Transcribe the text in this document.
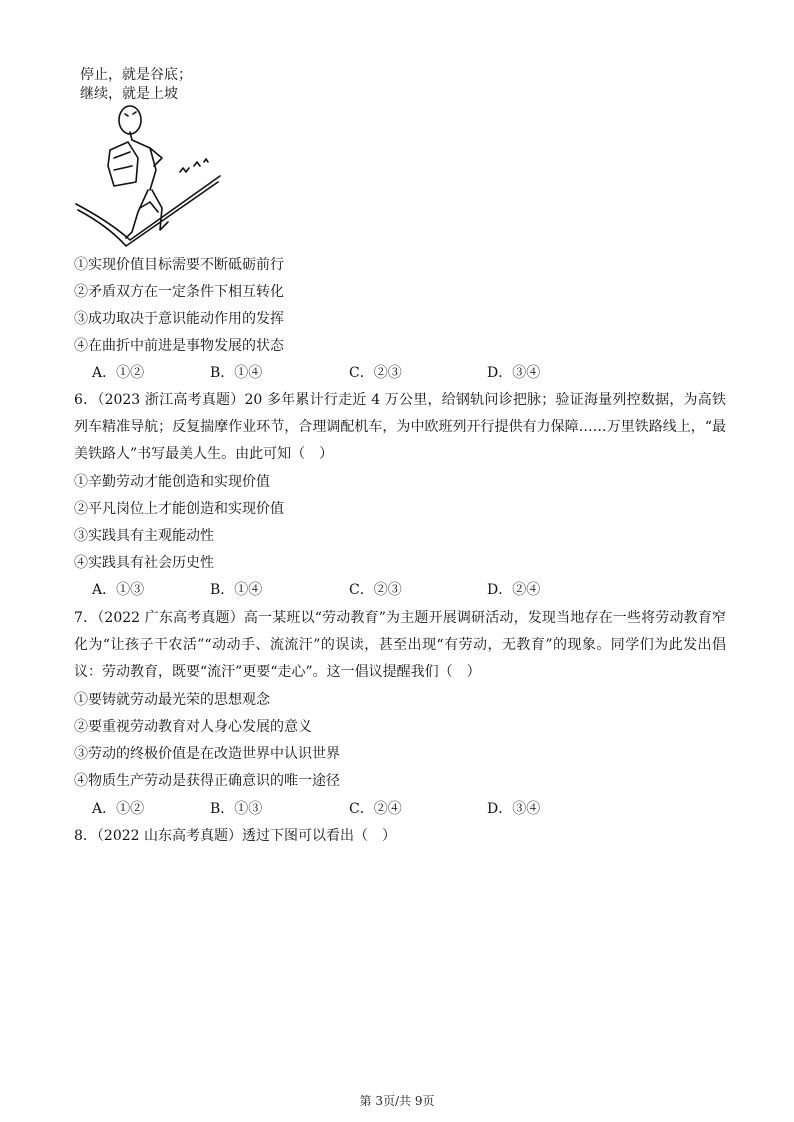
停止，就是谷底；
继续，就是上坡
①实现价值目标需要不断砥砺前行
②矛盾双方在一定条件下相互转化
③成功取决于意识能动作用的发挥
④在曲折中前进是事物发展的状态
A．①②	B．①④	C．②③	D．③④
6．（2023 浙江高考真题）20 多年累计行走近 4 万公里，给钢轨问诊把脉；验证海量列控数据，为高铁列车精准导航；反复揣摩作业环节，合理调配机车，为中欧班列开行提供有力保障……万里铁路线上，“最美铁路人”书写最美人生。由此可知（　）
①辛勤劳动才能创造和实现价值
②平凡岗位上才能创造和实现价值
③实践具有主观能动性
④实践具有社会历史性
A．①③	B．①④	C．②③	D．②④
7．（2022 广东高考真题）高一某班以“劳动教育”为主题开展调研活动，发现当地存在一些将劳动教育窄化为“让孩子干农活”“动动手、流流汗”的误读，甚至出现“有劳动，无教育”的现象。同学们为此发出倡议：劳动教育，既要“流汗”更要“走心”。这一倡议提醒我们（　）
①要铸就劳动最光荣的思想观念
②要重视劳动教育对人身心发展的意义
③劳动的终极价值是在改造世界中认识世界
④物质生产劳动是获得正确意识的唯一途径
A．①②	B．①③	C．②④	D．③④
8．（2022 山东高考真题）透过下图可以看出（　）
第 3页/共 9页
